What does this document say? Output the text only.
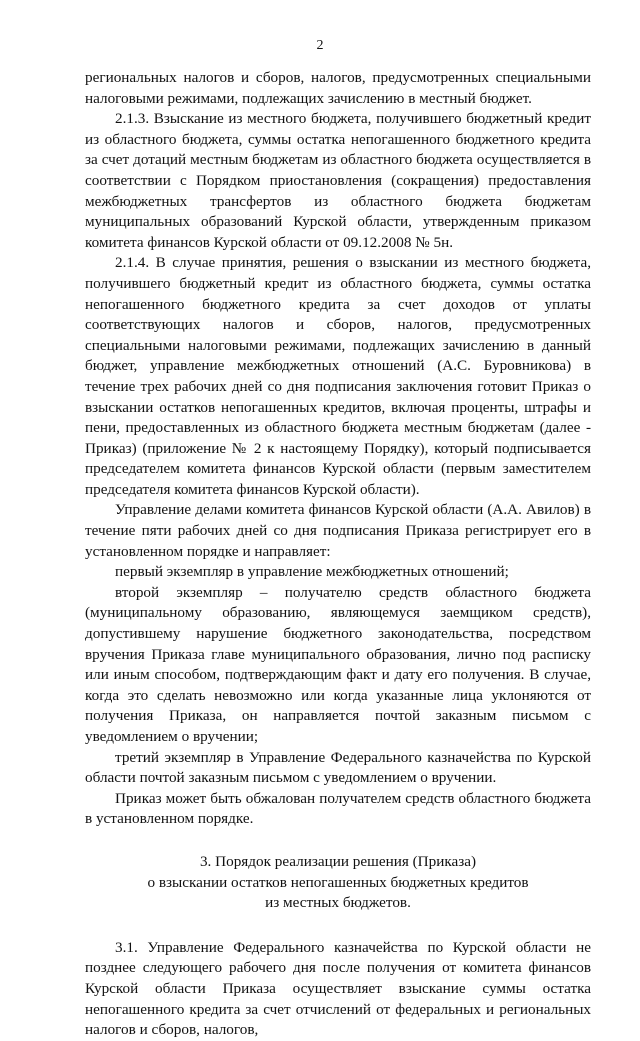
2

региональных налогов и сборов, налогов, предусмотренных специальными налоговыми режимами, подлежащих зачислению в местный бюджет.

2.1.3. Взыскание из местного бюджета, получившего бюджетный кредит из областного бюджета, суммы остатка непогашенного бюджетного кредита за счет дотаций местным бюджетам из областного бюджета осуществляется в соответствии с Порядком приостановления (сокращения) предоставления межбюджетных трансфертов из областного бюджета бюджетам муниципальных образований Курской области, утвержденным приказом комитета финансов Курской области от 09.12.2008 № 5н.

2.1.4. В случае принятия, решения о взыскании из местного бюджета, получившего бюджетный кредит из областного бюджета, суммы остатка непогашенного бюджетного кредита за счет доходов от уплаты соответствующих налогов и сборов, налогов, предусмотренных специальными налоговыми режимами, подлежащих зачислению в данный бюджет, управление межбюджетных отношений (А.С. Буровникова) в течение трех рабочих дней со дня подписания заключения готовит Приказ о взыскании остатков непогашенных кредитов, включая проценты, штрафы и пени, предоставленных из областного бюджета местным бюджетам (далее - Приказ) (приложение № 2 к настоящему Порядку), который подписывается председателем комитета финансов Курской области (первым заместителем председателя комитета финансов Курской области).

Управление делами комитета финансов Курской области (А.А. Авилов) в течение пяти рабочих дней со дня подписания Приказа регистрирует его в установленном порядке и направляет:

первый экземпляр в управление межбюджетных отношений;

второй экземпляр – получателю средств областного бюджета (муниципальному образованию, являющемуся заемщиком средств), допустившему нарушение бюджетного законодательства, посредством вручения Приказа главе муниципального образования, лично под расписку или иным способом, подтверждающим факт и дату его получения. В случае, когда это сделать невозможно или когда указанные лица уклоняются от получения Приказа, он направляется почтой заказным письмом с уведомлением о вручении;

третий экземпляр в Управление Федерального казначейства по Курской области почтой заказным письмом с уведомлением о вручении.

Приказ может быть обжалован получателем средств областного бюджета в установленном порядке.

3. Порядок реализации решения (Приказа)
о взыскании остатков непогашенных бюджетных кредитов
из местных бюджетов.

3.1. Управление Федерального казначейства по Курской области не позднее следующего рабочего дня после получения от комитета финансов Курской области Приказа осуществляет взыскание суммы остатка непогашенного кредита за счет отчислений от федеральных и региональных налогов и сборов, налогов,
